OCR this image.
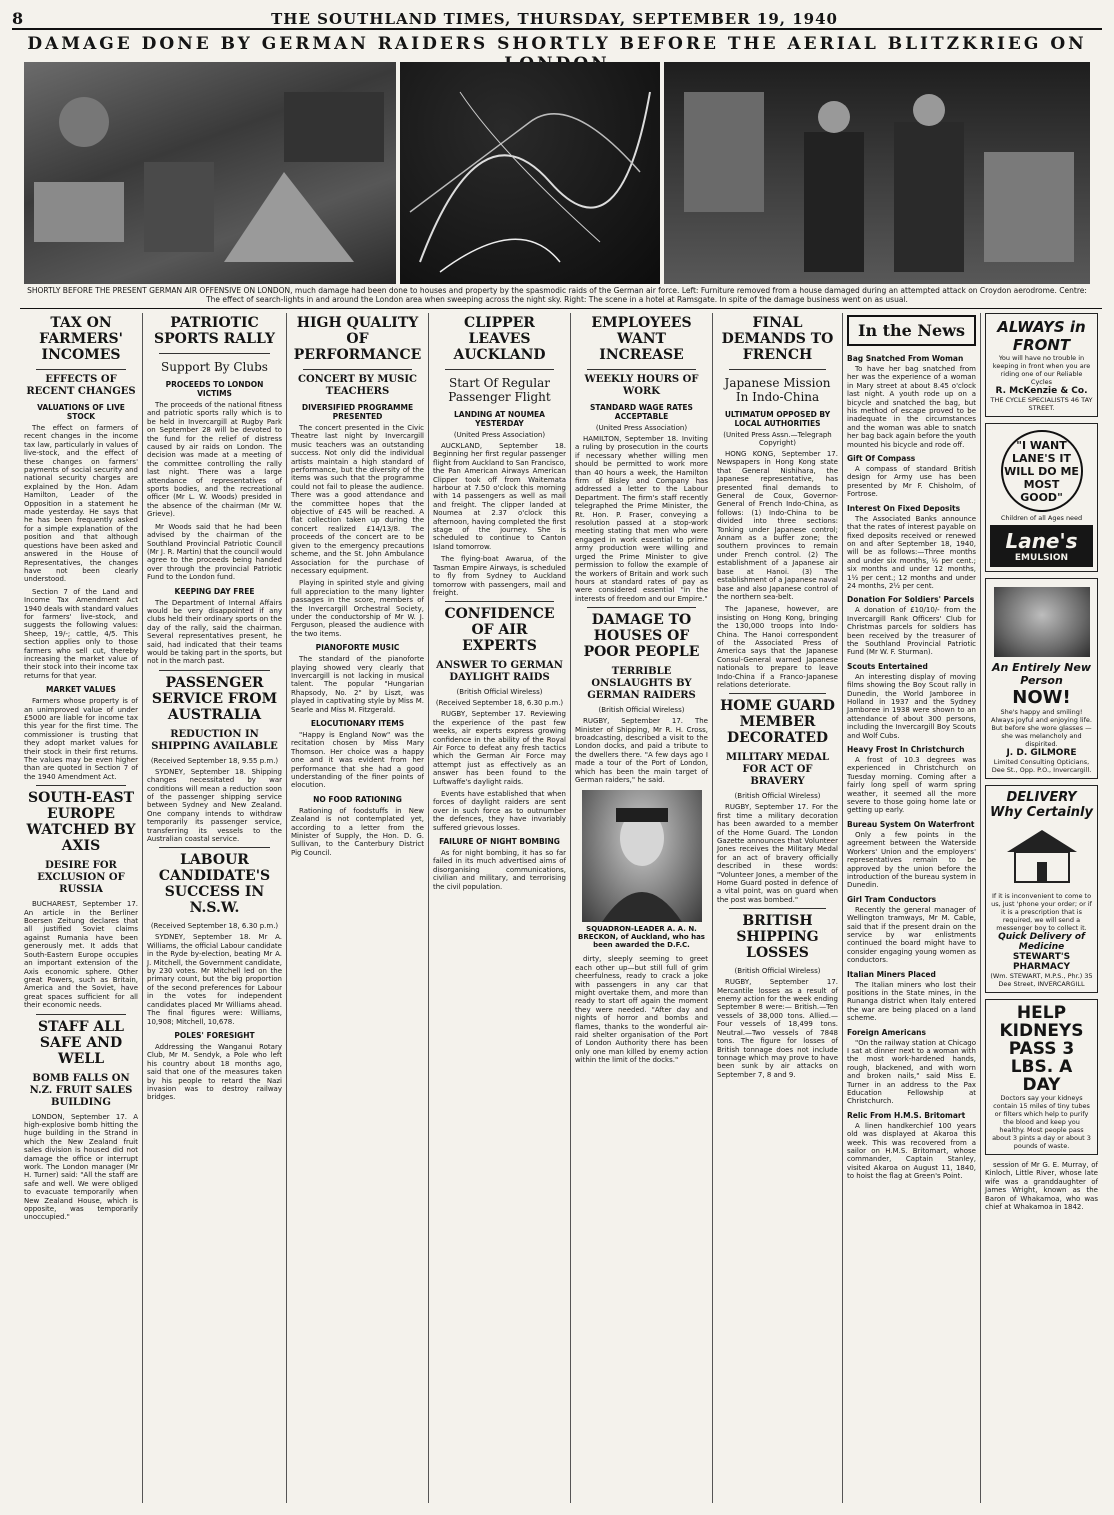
8	THE SOUTHLAND TIMES, THURSDAY, SEPTEMBER 19, 1940
DAMAGE DONE BY GERMAN RAIDERS SHORTLY BEFORE THE AERIAL BLITZKRIEG ON
SHORTLY BEFORE THE PRESENT GERMAN AIR OFFENSIVE ON LONDON, much damage had been done to houses and property by the spasmodic raids of the German air force. Left: Furniture removed from a house damaged during an attempted attack on Croydon aerodrome. Centre: The effect of search-lights in and around the London area when sweeping across the night sky. Right: The scene in a hotel at Ramsgate. In spite of the damage business went on as usual.
TAX ON FARMERS' INCOMES
EFFECTS OF RECENT CHANGES
VALUATIONS OF LIVE STOCK

The effect on farmers of recent changes in the income tax law, particularly in values of live-stock, and the effect of these changes on farmers' payments of social security and national security charges are explained by the Hon. Adam Hamilton, Leader of the Opposition in a statement he made yesterday. He says that he has been frequently asked for a simple explanation of the position and that although questions have been asked and answered in the House of Representatives, the changes have not been clearly understood.

Section 7 of the Land and Income Tax Amendment Act 1940 deals with standard values for farmers' live-stock, and suggests the following values: Sheep, 19/-; cattle, 4/5. This section applies only to those farmers who sell cut, thereby increasing the market value of their stock into their income tax returns for that year.

MARKET VALUES

Farmers whose property is of an unimproved value of under £5000 are liable for income tax this year for the first time. The commissioner is trusting that they adopt market values for their stock in their first returns. The values may be even higher than are quoted in Section 7 of the 1940 Amendment Act.

SOUTH-EAST EUROPE WATCHED BY AXIS
DESIRE FOR EXCLUSION OF RUSSIA

BUCHAREST, September 17. An article in the Berliner Boersen Zeitung declares that all justified Soviet claims against Rumania have been generously met. It adds that South-Eastern Europe occupies an important extension of the Axis economic sphere. Other great Powers, such as Britain, America and the Soviet, have great spaces sufficient for all their economic needs.

STAFF ALL SAFE AND WELL
BOMB FALLS ON N.Z. FRUIT SALES BUILDING

LONDON, September 17. A high-explosive bomb hitting the huge building in the Strand in which the New Zealand fruit sales division is housed did not damage the office or interrupt work. The London manager (Mr H. Turner) said: "All the staff are safe and well. We were obliged to evacuate temporarily when New Zealand House, which is opposite, was temporarily unoccupied."

PATRIOTIC SPORTS RALLY
Support By Clubs
PROCEEDS TO LONDON VICTIMS

The proceeds of the national fitness and patriotic sports rally which is to be held in Invercargill at Rugby Park on September 28 will be devoted to the fund for the relief of distress caused by air raids on London. The decision was made at a meeting of the committee controlling the rally last night. There was a large attendance of representatives of sports bodies, and the recreational officer (Mr L. W. Woods) presided in the absence of the chairman (Mr W. Grieve).

Mr Woods said that he had been advised by the chairman of the Southland Provincial Patriotic Council (Mr J. R. Martin) that the council would agree to the proceeds being handed over through the provincial Patriotic Fund to the London fund.

KEEPING DAY FREE

The Department of Internal Affairs would be very disappointed if any clubs held their ordinary sports on the day of the rally, said the chairman. Several representatives present, he said, had indicated that their teams would be taking part in the sports, but not in the march past.

PASSENGER SERVICE FROM AUSTRALIA
REDUCTION IN SHIPPING AVAILABLE
(Received September 18, 9.55 p.m.)

SYDNEY, September 18. Shipping changes necessitated by war conditions will mean a reduction soon of the passenger shipping service between Sydney and New Zealand. One company intends to withdraw temporarily its passenger service, transferring its vessels to the Australian coastal service.

LABOUR CANDIDATE'S SUCCESS IN N.S.W.
(Received September 18, 6.30 p.m.)

SYDNEY, September 18. Mr A. Williams, the official Labour candidate in the Ryde by-election, beating Mr A. J. Mitchell, the Government candidate, by 230 votes. Mr Mitchell led on the primary count, but the big proportion of the second preferences for Labour in the votes for independent candidates placed Mr Williams ahead. The final figures were: Williams, 10,908; Mitchell, 10,678.

POLES' FORESIGHT

Addressing the Wanganui Rotary Club, Mr M. Sendyk, a Pole who left his country about 18 months ago, said that one of the measures taken by his people to retard the Nazi invasion was to destroy railway bridges.

HIGH QUALITY OF PERFORMANCE
CONCERT BY MUSIC TEACHERS
DIVERSIFIED PROGRAMME PRESENTED

The concert presented in the Civic Theatre last night by Invercargill music teachers was an outstanding success. Not only did the individual artists maintain a high standard of performance, but the diversity of the items was such that the programme could not fail to please the audience. There was a good attendance and the committee hopes that the objective of £45 will be reached. A flat collection taken up during the concert realized £14/13/8. The proceeds of the concert are to be given to the emergency precautions scheme, and the St. John Ambulance Association for the purchase of necessary equipment.

Playing in spirited style and giving full appreciation to the many lighter passages in the score, members of the Invercargill Orchestral Society, under the conductorship of Mr W. J. Ferguson, pleased the audience with the two items.

PIANOFORTE MUSIC

The standard of the pianoforte playing showed very clearly that Invercargill is not lacking in musical talent. The popular "Hungarian Rhapsody, No. 2" by Liszt, was played in captivating style by Miss M. Searle and Miss M. Fitzgerald.

ELOCUTIONARY ITEMS

"Happy is England Now" was the recitation chosen by Miss Mary Thomson. Her choice was a happy one and it was evident from her performance that she had a good understanding of the finer points of elocution.

NO FOOD RATIONING

Rationing of foodstuffs in New Zealand is not contemplated yet, according to a letter from the Minister of Supply, the Hon. D. G. Sullivan, to the Canterbury District Pig Council.

CLIPPER LEAVES AUCKLAND
Start Of Regular Passenger Flight
LANDING AT NOUMEA YESTERDAY
(United Press Association)

AUCKLAND, September 18. Beginning her first regular passenger flight from Auckland to San Francisco, the Pan American Airways American Clipper took off from Waitemata harbour at 7.50 o'clock this morning with 14 passengers as well as mail and freight. The clipper landed at Noumea at 2.37 o'clock this afternoon, having completed the first stage of the journey. She is scheduled to continue to Canton Island tomorrow.

The flying-boat Awarua, of the Tasman Empire Airways, is scheduled to fly from Sydney to Auckland tomorrow with passengers, mail and freight.

CONFIDENCE OF AIR EXPERTS
ANSWER TO GERMAN DAYLIGHT RAIDS
(British Official Wireless)
(Received September 18, 6.30 p.m.)

RUGBY, September 17. Reviewing the experience of the past few weeks, air experts express growing confidence in the ability of the Royal Air Force to defeat any fresh tactics which the German Air Force may attempt just as effectively as an answer has been found to the Luftwaffe's daylight raids.

Events have established that when forces of daylight raiders are sent over in such force as to outnumber the defences, they have invariably suffered grievous losses.

FAILURE OF NIGHT BOMBING

As for night bombing, it has so far failed in its much advertised aims of disorganising communications, civilian and military, and terrorising the civil population.

EMPLOYEES WANT INCREASE
WEEKLY HOURS OF WORK
STANDARD WAGE RATES ACCEPTABLE
(United Press Association)

HAMILTON, September 18. Inviting a ruling by prosecution in the courts if necessary whether willing men should be permitted to work more than 40 hours a week, the Hamilton firm of Bisley and Company has addressed a letter to the Labour Department. The firm's staff recently telegraphed the Prime Minister, the Rt. Hon. P. Fraser, conveying a resolution passed at a stop-work meeting stating that men who were engaged in work essential to prime army production were willing and urged the Prime Minister to give permission to follow the example of the workers of Britain and work such hours at standard rates of pay as were considered essential "in the interests of freedom and our Empire."

DAMAGE TO HOUSES OF POOR PEOPLE
TERRIBLE ONSLAUGHTS BY GERMAN RAIDERS
(British Official Wireless)

RUGBY, September 17. The Minister of Shipping, Mr R. H. Cross, broadcasting, described a visit to the London docks, and paid a tribute to the dwellers there. "A few days ago I made a tour of the Port of London, which has been the main target of German raiders," he said.

SQUADRON-LEADER A. A. N. BRECKON, of Auckland, who has been awarded the D.F.C.

dirty, sleeply seeming to greet each other up—but still full of grim cheerfulness, ready to crack a joke with passengers in any car that might overtake them, and more than ready to start off again the moment they were needed. "After day and nights of horror and bombs and flames, thanks to the wonderful air-raid shelter organisation of the Port of London Authority there has been only one man killed by enemy action within the limit of the docks."

FINAL DEMANDS TO FRENCH
Japanese Mission In Indo-China
ULTIMATUM OPPOSED BY LOCAL AUTHORITIES
(United Press Assn.—Telegraph Copyright)

HONG KONG, September 17. Newspapers in Hong Kong state that General Nishihara, the Japanese representative, has presented final demands to General de Coux, Governor-General of French Indo-China, as follows: (1) Indo-China to be divided into three sections: Tonking under Japanese control; Annam as a buffer zone; the southern provinces to remain under French control. (2) The establishment of a Japanese air base at Hanoi. (3) The establishment of a Japanese naval base and also Japanese control of the northern sea-belt.

The Japanese, however, are insisting on Hong Kong, bringing the 130,000 troops into Indo-China. The Hanoi correspondent of the Associated Press of America says that the Japanese Consul-General warned Japanese nationals to prepare to leave Indo-China if a Franco-Japanese relations deteriorate.

HOME GUARD MEMBER DECORATED
MILITARY MEDAL FOR ACT OF BRAVERY
(British Official Wireless)

RUGBY, September 17. For the first time a military decoration has been awarded to a member of the Home Guard. The London Gazette announces that Volunteer Jones receives the Military Medal for an act of bravery officially described in these words: "Volunteer Jones, a member of the Home Guard posted in defence of a vital point, was on guard when the post was bombed."

BRITISH SHIPPING LOSSES
(British Official Wireless)

RUGBY, September 17. Mercantile losses as a result of enemy action for the week ending September 8 were:— British.—Ten vessels of 38,000 tons. Allied.—Four vessels of 18,499 tons. Neutral.—Two vessels of 7848 tons. The figure for losses of British tonnage does not include tonnage which may prove to have been sunk by air attacks on September 7, 8 and 9.

In the News
Bag Snatched From Woman

To have her bag snatched from her was the experience of a woman in Mary street at about 8.45 o'clock last night. A youth rode up on a bicycle and snatched the bag, but his method of escape proved to be inadequate in the circumstances and the woman was able to snatch her bag back again before the youth mounted his bicycle and rode off.

Gift Of Compass

A compass of standard British design for Army use has been presented by Mr F. Chisholm, of Fortrose.

Interest On Fixed Deposits

The Associated Banks announce that the rates of interest payable on fixed deposits received or renewed on and after September 18, 1940, will be as follows:—Three months and under six months, ½ per cent.; six months and under 12 months, 1½ per cent.; 12 months and under 24 months, 2½ per cent.

Donation For Soldiers' Parcels

A donation of £10/10/- from the Invercargill Rank Officers' Club for Christmas parcels for soldiers has been received by the treasurer of the Southland Provincial Patriotic Fund (Mr W. F. Sturman).

Scouts Entertained

An interesting display of moving films showing the Boy Scout rally in Dunedin, the World Jamboree in Holland in 1937 and the Sydney Jamboree in 1938 were shown to an attendance of about 300 persons, including the Invercargill Boy Scouts and Wolf Cubs.

Heavy Frost In Christchurch

A frost of 10.3 degrees was experienced in Christchurch on Tuesday morning. Coming after a fairly long spell of warm spring weather, it seemed all the more severe to those going home late or getting up early.

Bureau System On Waterfront

Only a few points in the agreement between the Waterside Workers' Union and the employers' representatives remain to be approved by the union before the introduction of the bureau system in Dunedin.

Girl Tram Conductors

Recently the general manager of Wellington tramways, Mr M. Cable, said that if the present drain on the service by war enlistments continued the board might have to consider engaging young women as conductors.

Italian Miners Placed

The Italian miners who lost their positions in the State mines, in the Runanga district when Italy entered the war are being placed on a land scheme.

Foreign Americans

"On the railway station at Chicago I sat at dinner next to a woman with the most work-hardened hands, rough, blackened, and with worn and broken nails," said Miss E. Turner in an address to the Pax Education Fellowship at Christchurch.

Relic From H.M.S. Britomart

A linen handkerchief 100 years old was displayed at Akaroa this week. This was recovered from a sailor on H.M.S. Britomart, whose commander, Captain Stanley, visited Akaroa on August 11, 1840, to hoist the flag at Green's Point.

ALWAYS in FRONT
You will have no trouble in keeping in front when you are riding one of our Reliable Cycles
R. McKenzie & Co.
THE CYCLE SPECIALISTS 46 TAY STREET.
"I WANT LANE'S IT WILL DO ME MOST GOOD"
Children of all Ages need
Lane's
EMULSION
An Entirely New Person
NOW!
She's happy and smiling! Always joyful and enjoying life. But before she wore glasses — she was melancholy and dispirited.
J. D. GILMORE
Limited Consulting Opticians, Dee St., Opp. P.O., Invercargill.
DELIVERY Why Certainly
If it is inconvenient to come to us, just 'phone your order; or if it is a prescription that is required, we will send a messenger boy to collect it.
Quick Delivery of Medicine
STEWART'S PHARMACY
(Wm. STEWART, M.P.S., Phr.) 35 Dee Street, INVERCARGILL
HELP KIDNEYS PASS 3 LBS. A DAY
Doctors say your kidneys contain 15 miles of tiny tubes or filters which help to purify the blood and keep you healthy. Most people pass about 3 pints a day or about 3 pounds of waste.

session of Mr G. E. Murray, of Kinloch, Little River, whose late wife was a granddaughter of James Wright, known as the Baron of Whakamoa, who was chief at Whakamoa in 1842.
